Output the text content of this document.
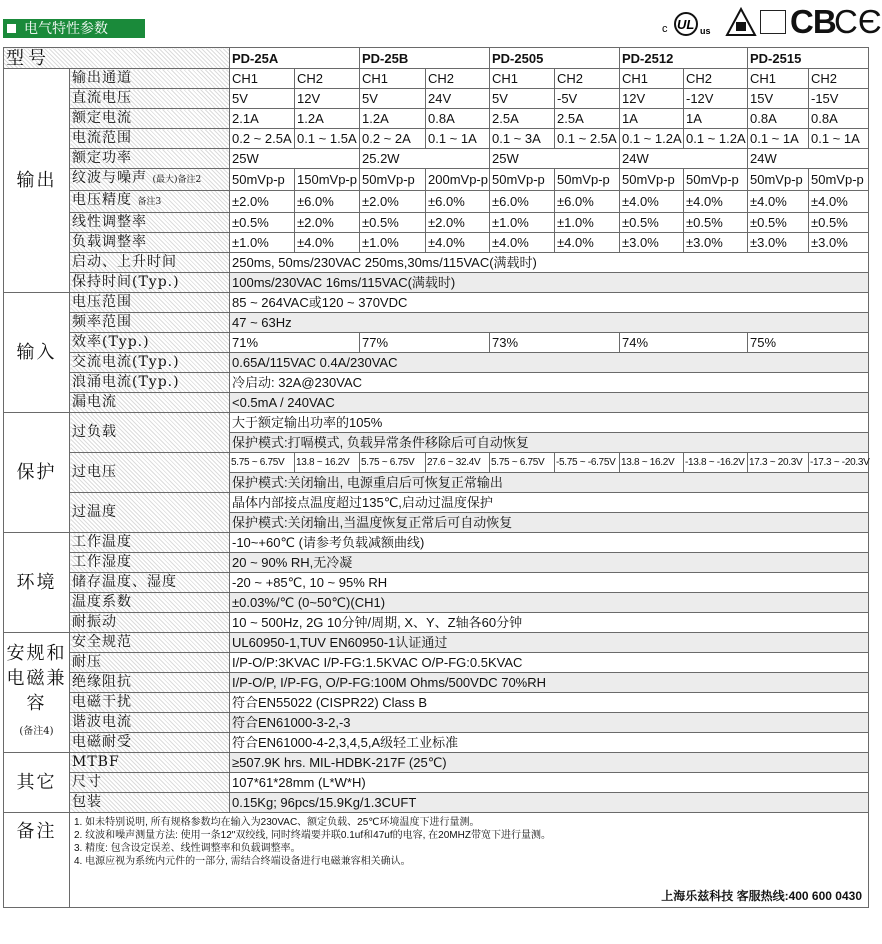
电气特性参数	c UL us CB
CЄ
型号		PD-25A		PD-25B		PD-2505		PD-2512		PD-2515	
输出	输出通道	CH1	CH2	CH1	CH2	CH1	CH2	CH1	CH2	CH1	CH2
	直流电压	5V	12V	5V	24V	5V	-5V	12V	-12V	15V	-15V
	额定电流	2.1A	1.2A	1.2A	0.8A	2.5A	2.5A	1A	1A	0.8A	0.8A
	电流范围	0.2 ~ 2.5A	0.1 ~ 1.5A	0.2 ~ 2A	0.1 ~ 1A	0.1 ~ 3A	0.1 ~ 2.5A	0.1 ~ 1.2A	0.1 ~ 1.2A	0.1 ~ 1A	0.1 ~ 1A
	额定功率	25W		25.2W		25W		24W		24W	
	纹波与噪声 (最大)备注2	50mVp-p	150mVp-p	50mVp-p	200mVp-p	50mVp-p	50mVp-p	50mVp-p	50mVp-p	50mVp-p	50mVp-p
	电压精度 备注3	±2.0%	±6.0%	±2.0%	±6.0%	±6.0%	±6.0%	±4.0%	±4.0%	±4.0%	±4.0%
	线性调整率	±0.5%	±2.0%	±0.5%	±2.0%	±1.0%	±1.0%	±0.5%	±0.5%	±0.5%	±0.5%
	负载调整率	±1.0%	±4.0%	±1.0%	±4.0%	±4.0%	±4.0%	±3.0%	±3.0%	±3.0%	±3.0%
	启动、上升时间	250ms, 50ms/230VAC 250ms,30ms/115VAC(满载时)									
	保持时间(Typ.)	100ms/230VAC 16ms/115VAC(满载时)									
输入	电压范围	85 ~ 264VAC或120 ~ 370VDC									
	频率范围	47 ~ 63Hz									
	效率(Typ.)	71%		77%		73%		74%		75%	
	交流电流(Typ.)	0.65A/115VAC 0.4A/230VAC									
	浪涌电流(Typ.)	冷启动: 32A@230VAC									
	漏电流	<0.5mA / 240VAC									
保护	过负载	大于额定输出功率的105%									
		保护模式:打嗝模式, 负载异常条件移除后可自动恢复									
	过电压	5.75 ~ 6.75V	13.8 ~ 16.2V	5.75 ~ 6.75V	27.6 ~ 32.4V	5.75 ~ 6.75V	-5.75 ~ -6.75V	13.8 ~ 16.2V	-13.8 ~ -16.2V	17.3 ~ 20.3V	-17.3 ~ -20.3V
		保护模式:关闭输出, 电源重启后可恢复正常输出									
	过温度	晶体内部接点温度超过135℃,启动过温度保护									
		保护模式:关闭输出,当温度恢复正常后可自动恢复									
环境	工作温度	-10~+60℃ (请参考负载减额曲线)									
	工作湿度	20 ~ 90% RH,无冷凝									
	储存温度、湿度	-20 ~ +85℃, 10 ~ 95% RH									
	温度系数	±0.03%/℃ (0~50℃)(CH1)									
	耐振动	10 ~ 500Hz, 2G 10分钟/周期, X、Y、Z轴各60分钟									
安规和电磁兼容
(备注4)	安全规范	UL60950-1,TUV EN60950-1认证通过									
	耐压	I/P-O/P:3KVAC I/P-FG:1.5KVAC O/P-FG:0.5KVAC									
	绝缘阻抗	I/P-O/P, I/P-FG, O/P-FG:100M Ohms/500VDC 70%RH									
	电磁干扰	符合EN55022 (CISPR22) Class B									
	谐波电流	符合EN61000-3-2,-3									
	电磁耐受	符合EN61000-4-2,3,4,5,A级轻工业标准									
其它	MTBF	≥507.9K hrs. MIL-HDBK-217F (25℃)									
	尺寸	107*61*28mm (L*W*H)									
	包装	0.15Kg; 96pcs/15.9Kg/1.3CUFT									
备注	1. 如未特别说明, 所有规格参数均在输入为230VAC、额定负载、25℃环境温度下进行量测。
2. 纹波和噪声测量方法: 使用一条12"双绞线, 同时终端要并联0.1uf和47uf的电容, 在20MHZ带宽下进行量测。
3. 精度: 包含设定误差、线性调整率和负载调整率。
4. 电源应视为系统内元件的一部分, 需结合终端设备进行电磁兼容相关确认。
上海乐兹科技 客服热线:400 600 0430										
